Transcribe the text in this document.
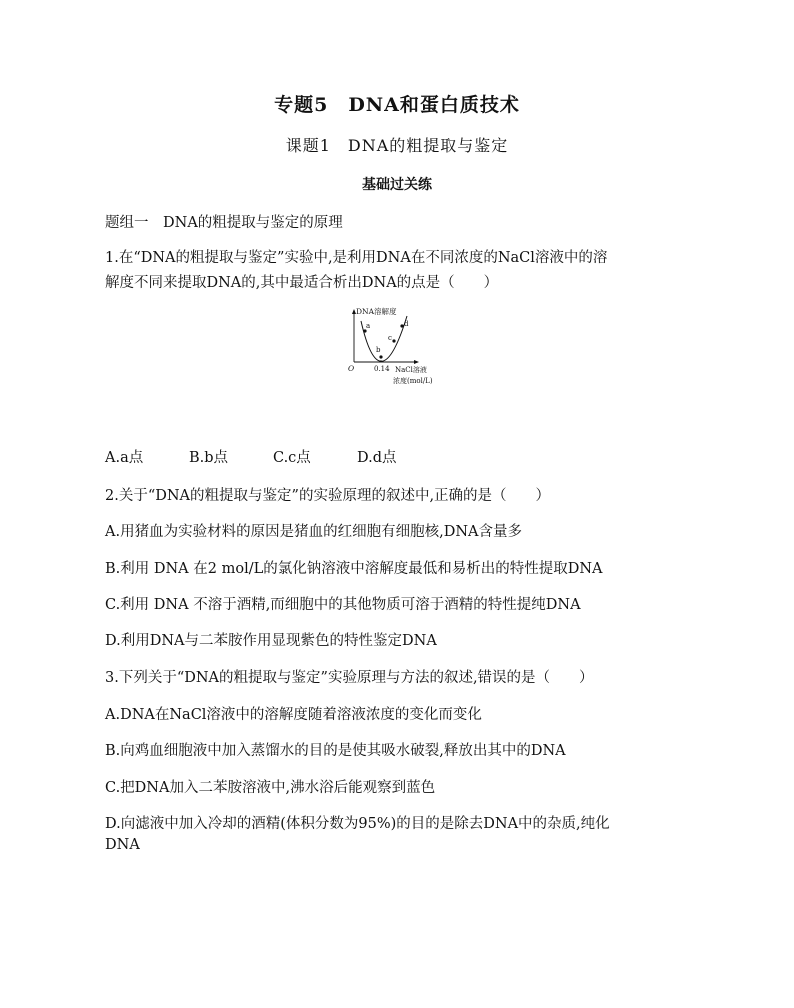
专题5　DNA和蛋白质技术
课题1　DNA的粗提取与鉴定
基础过关练
题组一　DNA的粗提取与鉴定的原理
1.在“DNA的粗提取与鉴定”实验中,是利用DNA在不同浓度的NaCl溶液中的溶
解度不同来提取DNA的,其中最适合析出DNA的点是（　　）
DNA溶解度
a
b
c
d
O	0.14 NaCl溶液
浓度(mol/L)
A.a点	B.b点	C.c点	D.d点
2.关于“DNA的粗提取与鉴定”的实验原理的叙述中,正确的是（　　）
A.用猪血为实验材料的原因是猪血的红细胞有细胞核,DNA含量多
B.利用 DNA 在2 mol/L的氯化钠溶液中溶解度最低和易析出的特性提取DNA
C.利用 DNA 不溶于酒精,而细胞中的其他物质可溶于酒精的特性提纯DNA
D.利用DNA与二苯胺作用显现紫色的特性鉴定DNA
3.下列关于“DNA的粗提取与鉴定”实验原理与方法的叙述,错误的是（　　）
A.DNA在NaCl溶液中的溶解度随着溶液浓度的变化而变化
B.向鸡血细胞液中加入蒸馏水的目的是使其吸水破裂,释放出其中的DNA
C.把DNA加入二苯胺溶液中,沸水浴后能观察到蓝色
D.向滤液中加入冷却的酒精(体积分数为95%)的目的是除去DNA中的杂质,纯化
DNA
